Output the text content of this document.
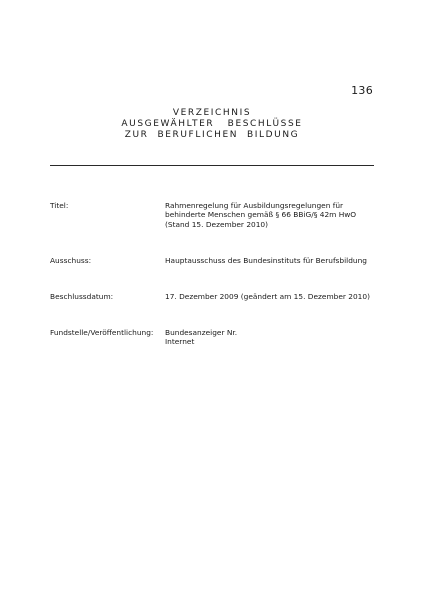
136
VERZEICHNIS
AUSGEWÄHLTER   BESCHLÜSSE
ZUR  BERUFLICHEN  BILDUNG
Titel:	Rahmenregelung für Ausbildungsregelungen für
behinderte Menschen gemäß § 66 BBiG/§ 42m HwO
(Stand 15. Dezember 2010)
Ausschuss:	Hauptausschuss des Bundesinstituts für Berufsbildung
Beschlussdatum:	17. Dezember 2009 (geändert am 15. Dezember 2010)
Fundstelle/Veröffentlichung:	Bundesanzeiger Nr.
Internet
